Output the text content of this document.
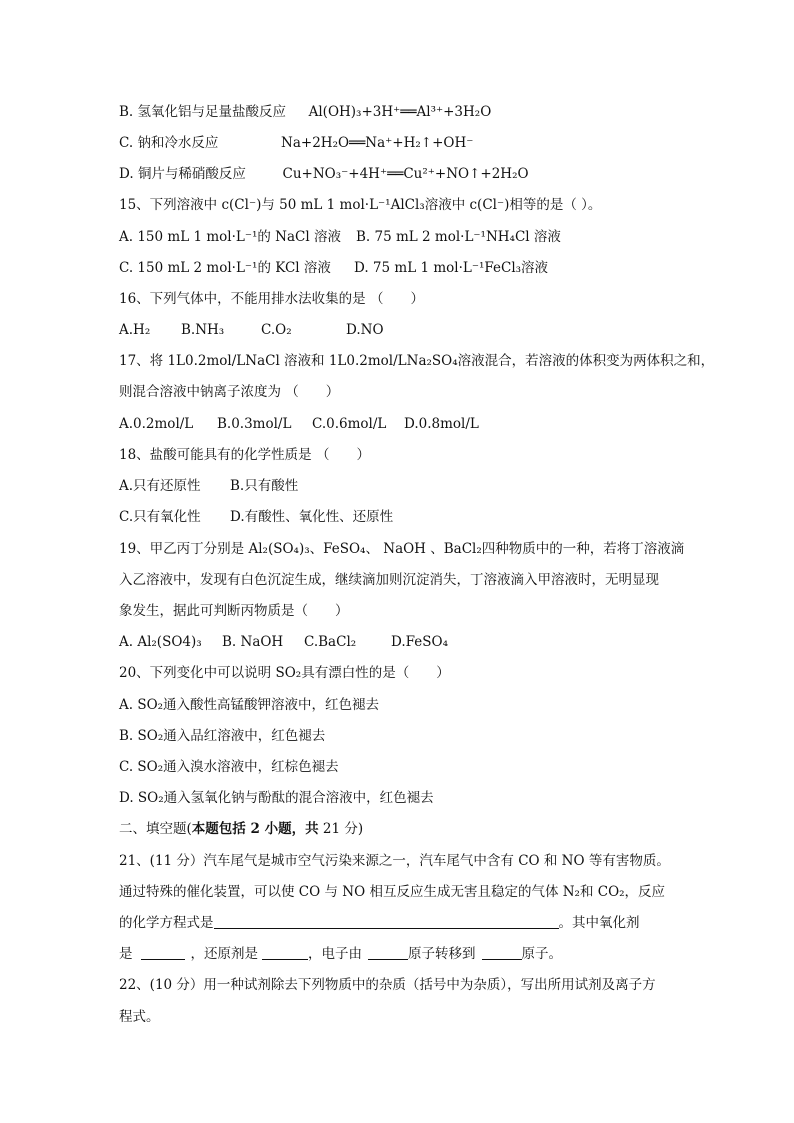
B. 氢氧化铝与足量盐酸反应 Al(OH)₃+3H⁺══Al³⁺+3H₂O
C. 钠和冷水反应	Na+2H₂O══Na⁺+H₂↑+OH⁻
D. 铜片与稀硝酸反应	Cu+NO₃⁻+4H⁺══Cu²⁺+NO↑+2H₂O
15、下列溶液中 c(Cl⁻)与 50 mL 1 mol·L⁻¹AlCl₃溶液中 c(Cl⁻)相等的是（ ）。
A. 150 mL 1 mol·L⁻¹的 NaCl 溶液 B. 75 mL 2 mol·L⁻¹NH₄Cl 溶液
C. 150 mL 2 mol·L⁻¹的 KCl 溶液 D. 75 mL 1 mol·L⁻¹FeCl₃溶液
16、下列气体中，不能用排水法收集的是 （　　）
A.H₂ B.NH₃	C.O₂	D.NO
17、将 1L0.2mol/LNaCl 溶液和 1L0.2mol/LNa₂SO₄溶液混合，若溶液的体积变为两体积之和，
则混合溶液中钠离子浓度为 （　　）
A.0.2mol/L B.0.3mol/L C.0.6mol/L D.0.8mol/L
18、盐酸可能具有的化学性质是 （　　）
A.只有还原性 B.只有酸性
C.只有氧化性 D.有酸性、氧化性、还原性
19、甲乙丙丁分别是 Al₂(SO₄)₃、FeSO₄、 NaOH 、BaCl₂四种物质中的一种，若将丁溶液滴
入乙溶液中，发现有白色沉淀生成，继续滴加则沉淀消失，丁溶液滴入甲溶液时，无明显现
象发生，据此可判断丙物质是（　　）
A. Al₂(SO4)₃ B. NaOH C.BaCl₂	D.FeSO₄
20、下列变化中可以说明 SO₂具有漂白性的是（　　）
A. SO₂通入酸性高锰酸钾溶液中，红色褪去
B. SO₂通入品红溶液中，红色褪去
C. SO₂通入溴水溶液中，红棕色褪去
D. SO₂通入氢氧化钠与酚酞的混合溶液中，红色褪去
二、填空题(本题包括 2 小题，共 21 分)
21、(11 分）汽车尾气是城市空气污染来源之一，汽车尾气中含有 CO 和 NO 等有害物质。
通过特殊的催化装置，可以使 CO 与 NO 相互反应生成无害且稳定的气体 N₂和 CO₂，反应
的化学方程式是	。其中氧化剂
是	，还原剂是	，电子由	原子转移到	原子。
22、(10 分）用一种试剂除去下列物质中的杂质（括号中为杂质），写出所用试剂及离子方
程式。
